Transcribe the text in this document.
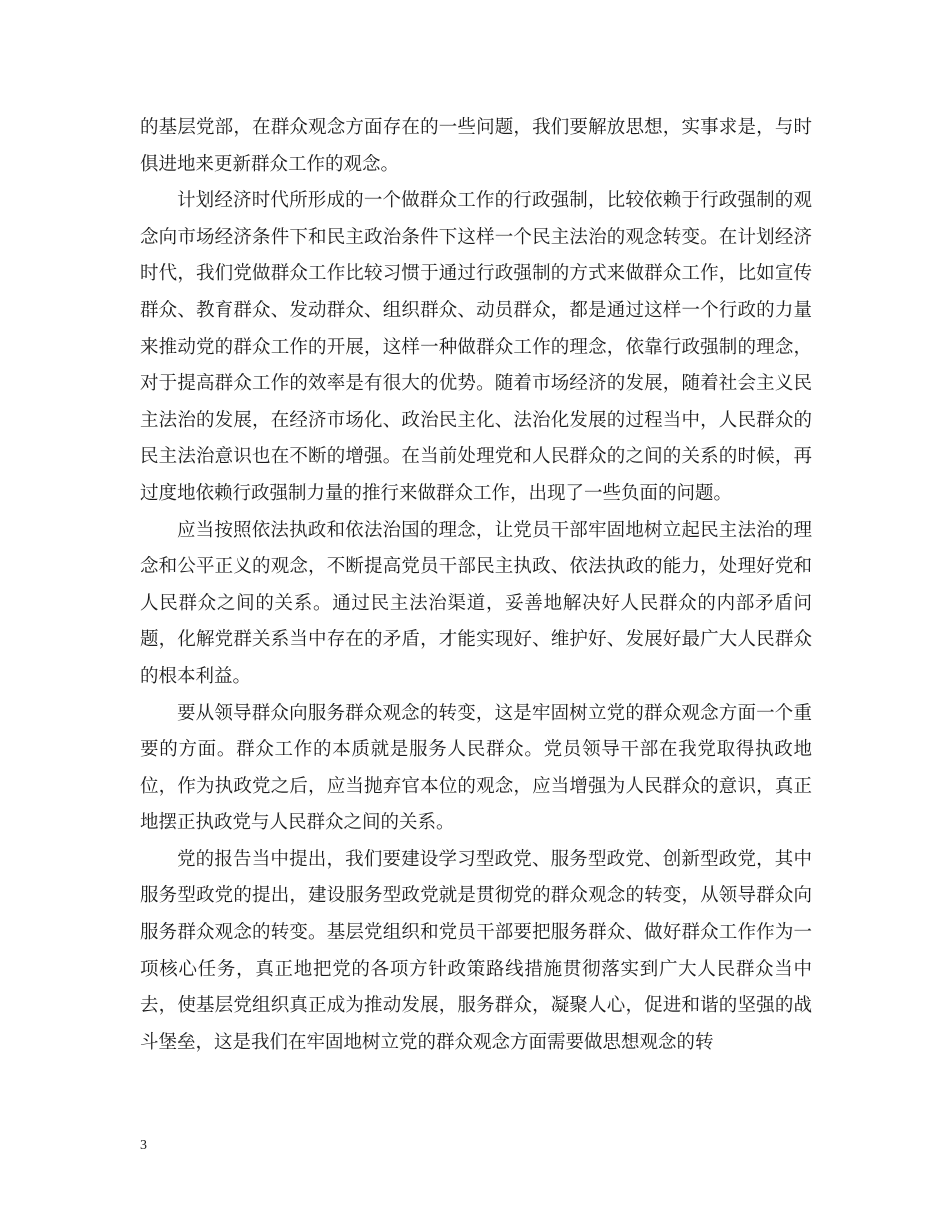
的基层党部，在群众观念方面存在的一些问题，我们要解放思想，实事求是，与时俱进地来更新群众工作的观念。

计划经济时代所形成的一个做群众工作的行政强制，比较依赖于行政强制的观念向市场经济条件下和民主政治条件下这样一个民主法治的观念转变。在计划经济时代，我们党做群众工作比较习惯于通过行政强制的方式来做群众工作，比如宣传群众、教育群众、发动群众、组织群众、动员群众，都是通过这样一个行政的力量来推动党的群众工作的开展，这样一种做群众工作的理念，依靠行政强制的理念，对于提高群众工作的效率是有很大的优势。随着市场经济的发展，随着社会主义民主法治的发展，在经济市场化、政治民主化、法治化发展的过程当中，人民群众的民主法治意识也在不断的增强。在当前处理党和人民群众的之间的关系的时候，再过度地依赖行政强制力量的推行来做群众工作，出现了一些负面的问题。

应当按照依法执政和依法治国的理念，让党员干部牢固地树立起民主法治的理念和公平正义的观念，不断提高党员干部民主执政、依法执政的能力，处理好党和人民群众之间的关系。通过民主法治渠道，妥善地解决好人民群众的内部矛盾问题，化解党群关系当中存在的矛盾，才能实现好、维护好、发展好最广大人民群众的根本利益。

要从领导群众向服务群众观念的转变，这是牢固树立党的群众观念方面一个重要的方面。群众工作的本质就是服务人民群众。党员领导干部在我党取得执政地位，作为执政党之后，应当抛弃官本位的观念，应当增强为人民群众的意识，真正地摆正执政党与人民群众之间的关系。

党的报告当中提出，我们要建设学习型政党、服务型政党、创新型政党，其中服务型政党的提出，建设服务型政党就是贯彻党的群众观念的转变，从领导群众向服务群众观念的转变。基层党组织和党员干部要把服务群众、做好群众工作作为一项核心任务，真正地把党的各项方针政策路线措施贯彻落实到广大人民群众当中去，使基层党组织真正成为推动发展，服务群众，凝聚人心，促进和谐的坚强的战斗堡垒，这是我们在牢固地树立党的群众观念方面需要做思想观念的转

3
